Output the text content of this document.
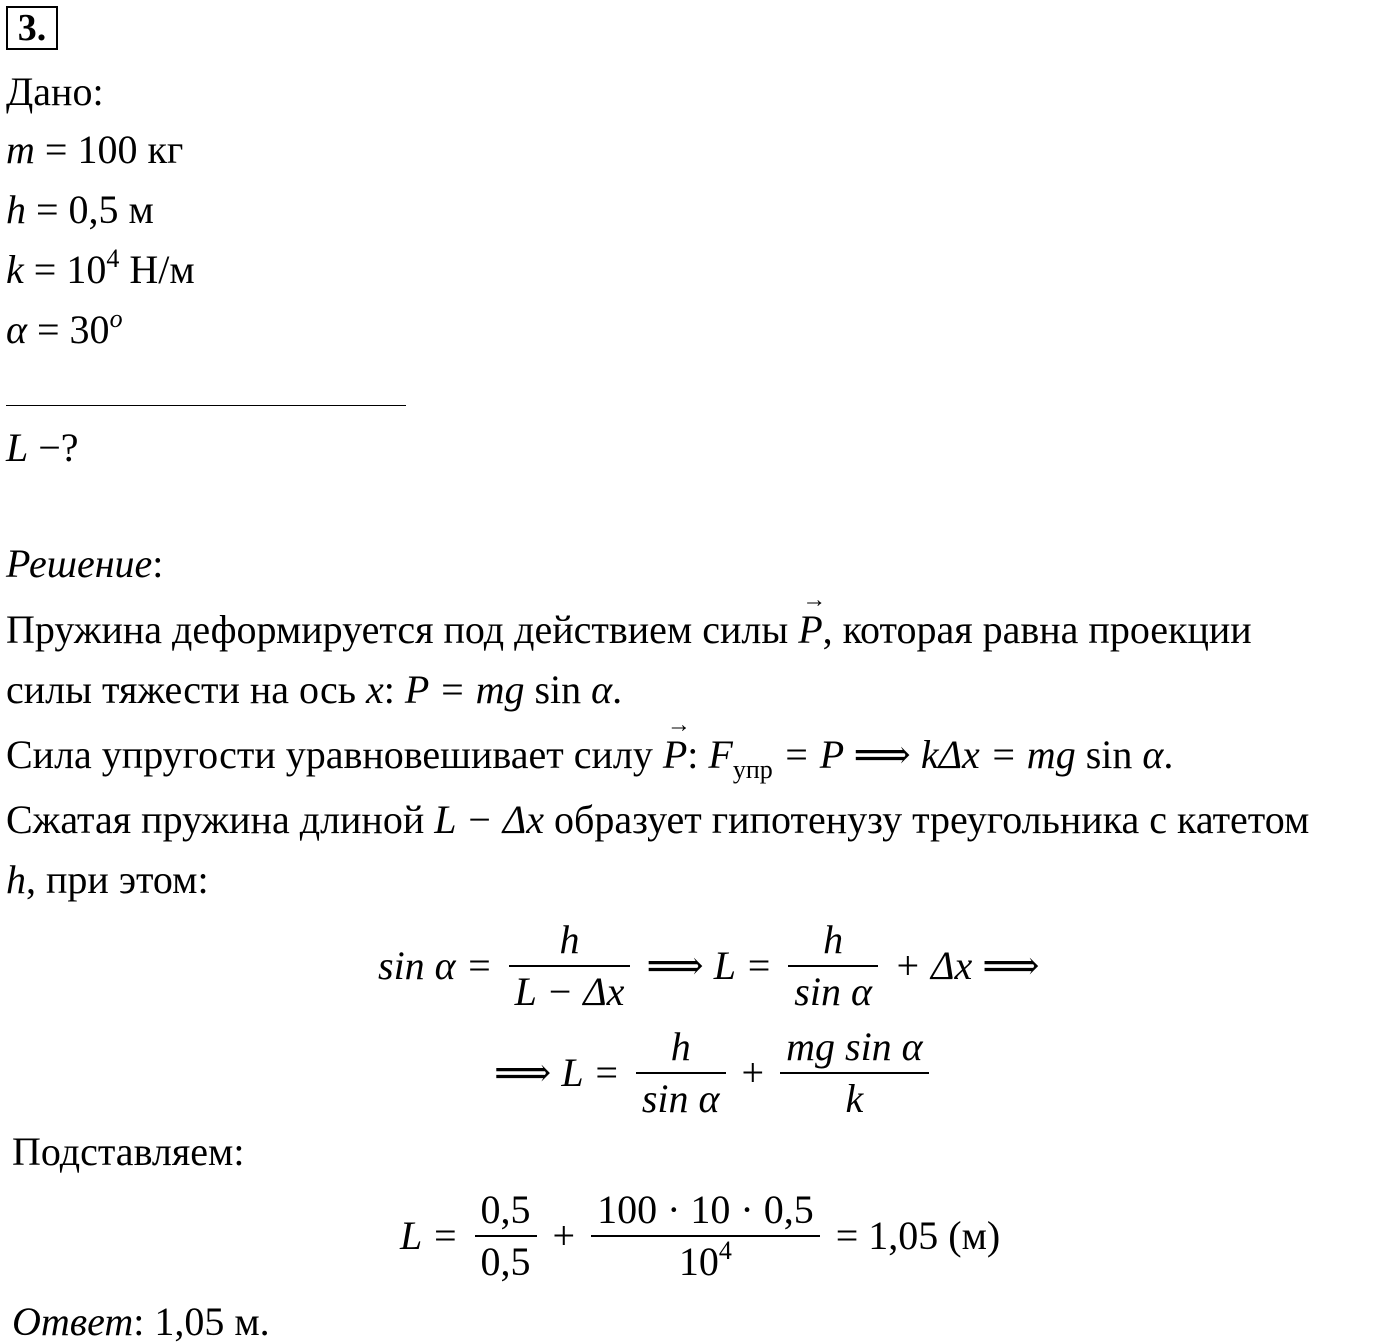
3.
Дано:
m = 100 кг
h = 0,5 м
$k = 10^4$ Н/м
$\alpha = 30^o$
L −?
Решение:
Пружина деформируется под действием силы → P, которая равна проекции
силы тяжести на ось x: P = mg sin α.
Сила упругости уравновешивает силу → P: $F_{упр} = P$ ⟹ kΔx = mg sin α.
Сжатая пружина длиной L − Δx образует гипотенузу треугольника с катетом
h, при этом:
$\sin \alpha = \frac{h}{L - \Delta x}$ ⟹ $L = \frac{h}{\text{sin α}} + \Delta x$ ⟹
⟹ $L = \frac{h}{\text{sin α}} + \frac{\text{mg sin α}}{k}$
Подставляем:
$L = \frac{0,5}{0,5} + \frac{100 \cdot 10 \cdot 0,5}{10^4} = 1,05$ (м)
Ответ: 1,05 м.
